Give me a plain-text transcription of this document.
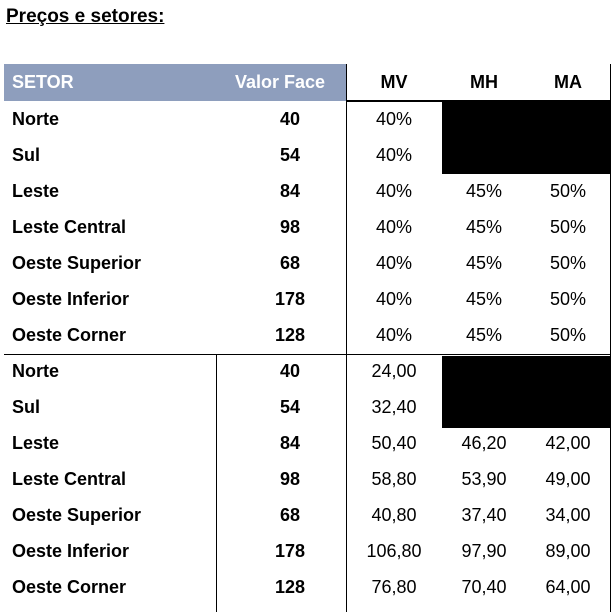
Preços e setores:
SETOR	Valor Face	MV	MH	MA
Norte	40	40%
Sul	54	40%
Leste	84	40%	45%	50%
Leste Central	98	40%	45%	50%
Oeste Superior	68	40%	45%	50%
Oeste Inferior	178	40%	45%	50%
Oeste Corner	128	40%	45%	50%
Norte	40	24,00
Sul	54	32,40
Leste	84	50,40	46,20	42,00
Leste Central	98	58,80	53,90	49,00
Oeste Superior	68	40,80	37,40	34,00
Oeste Inferior	178	106,80	97,90	89,00
Oeste Corner	128	76,80	70,40	64,00
